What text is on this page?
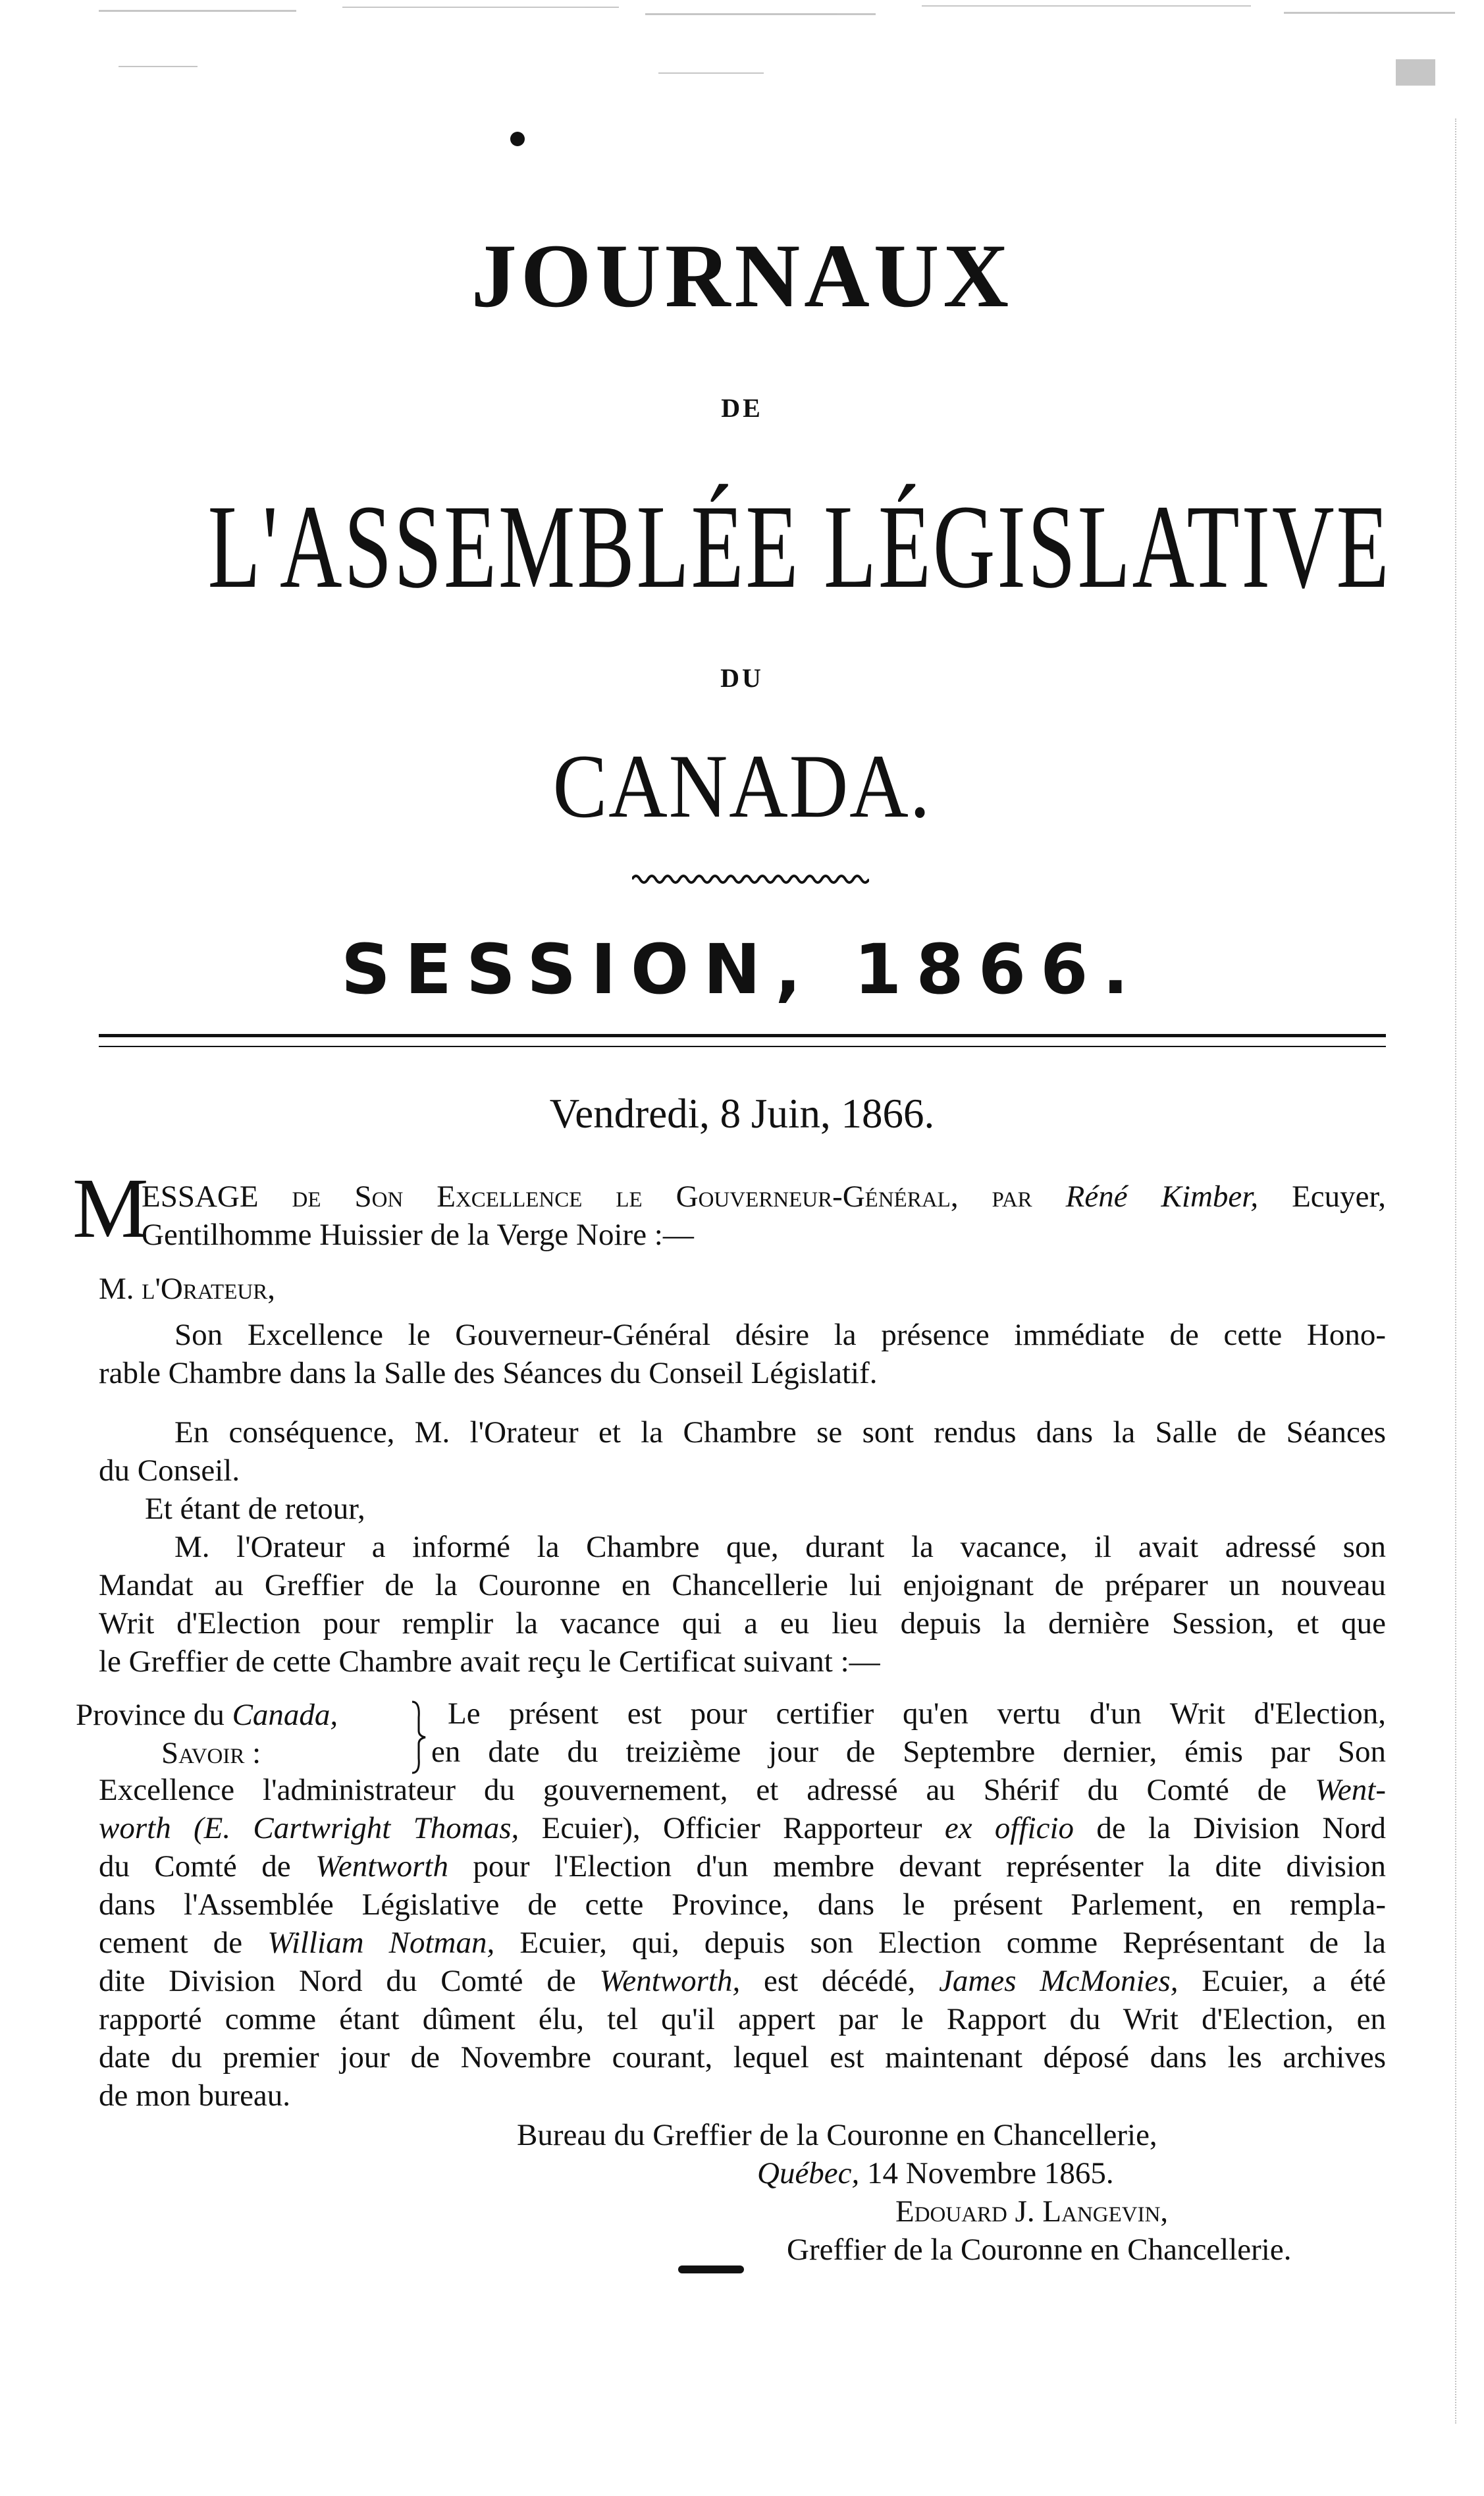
JOURNAUX
DE
L'ASSEMBLÉE LÉGISLATIVE
DU
CANADA.
SESSION, 1866.
Vendredi, 8 Juin, 1866.
M
ESSAGE de Son Excellence le Gouverneur-Général, par Réné Kimber, Ecuyer,
Gentilhomme Huissier de la Verge Noire :—
M. l'Orateur,
Son Excellence le Gouverneur-Général désire la présence immédiate de cette Hono-
rable Chambre dans la Salle des Séances du Conseil Législatif.
En conséquence, M. l'Orateur et la Chambre se sont rendus dans la Salle de Séances
du Conseil.
Et étant de retour,
M. l'Orateur a informé la Chambre que, durant la vacance, il avait adressé son
Mandat au Greffier de la Couronne en Chancellerie lui enjoignant de préparer un nouveau
Writ d'Election pour remplir la vacance qui a eu lieu depuis la dernière Session, et que
le Greffier de cette Chambre avait reçu le Certificat suivant :—
Province du Canada,
Savoir :
Le présent est pour certifier qu'en vertu d'un Writ d'Election,
en date du treizième jour de Septembre dernier, émis par Son
Excellence l'administrateur du gouvernement, et adressé au Shérif du Comté de Went-
worth (E. Cartwright Thomas, Ecuier), Officier Rapporteur ex officio de la Division Nord
du Comté de Wentworth pour l'Election d'un membre devant représenter la dite division
dans l'Assemblée Législative de cette Province, dans le présent Parlement, en rempla-
cement de William Notman, Ecuier, qui, depuis son Election comme Représentant de la
dite Division Nord du Comté de Wentworth, est décédé, James McMonies, Ecuier, a été
rapporté comme étant dûment élu, tel qu'il appert par le Rapport du Writ d'Election, en
date du premier jour de Novembre courant, lequel est maintenant déposé dans les archives
de mon bureau.
Bureau du Greffier de la Couronne en Chancellerie,
Québec, 14 Novembre 1865.
Edouard J. Langevin,
Greffier de la Couronne en Chancellerie.
